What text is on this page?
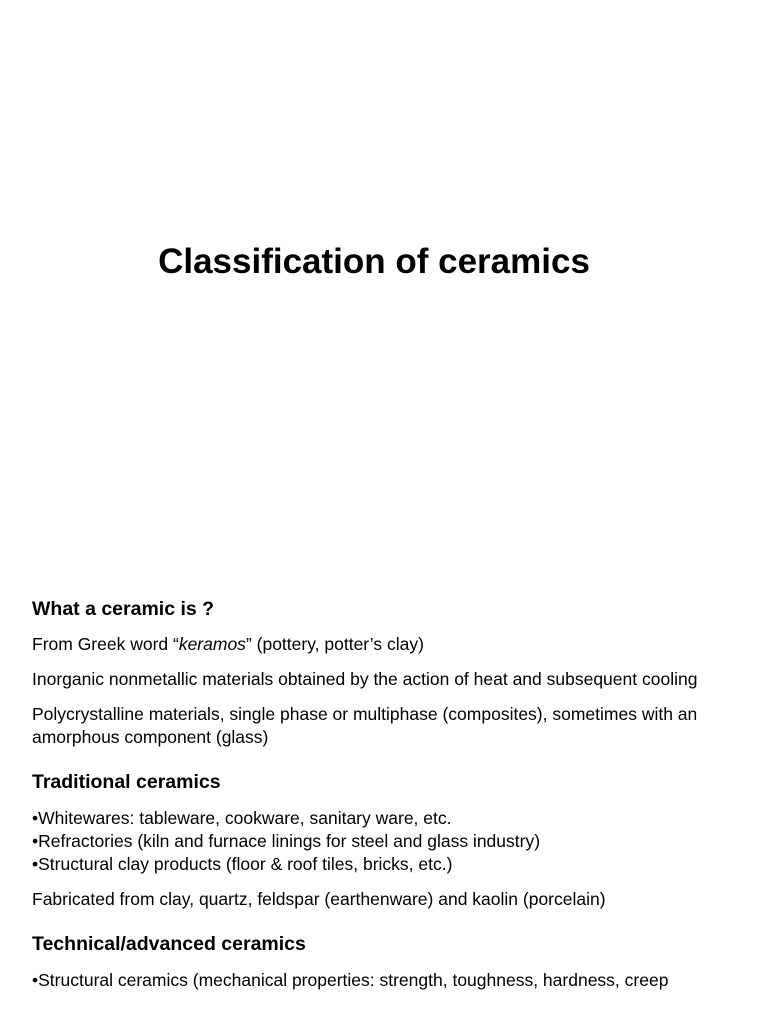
Classification of ceramics
What a ceramic is ?

From Greek word “keramos” (pottery, potter’s clay)

Inorganic nonmetallic materials obtained by the action of heat and subsequent cooling

Polycrystalline materials, single phase or multiphase (composites), sometimes with an amorphous component (glass)

Traditional ceramics
•Whitewares: tableware, cookware, sanitary ware, etc.
•Refractories (kiln and furnace linings for steel and glass industry)
•Structural clay products (floor & roof tiles, bricks, etc.)

Fabricated from clay, quartz, feldspar (earthenware) and kaolin (porcelain)

Technical/advanced ceramics
•Structural ceramics (mechanical properties: strength, toughness, hardness, creep
